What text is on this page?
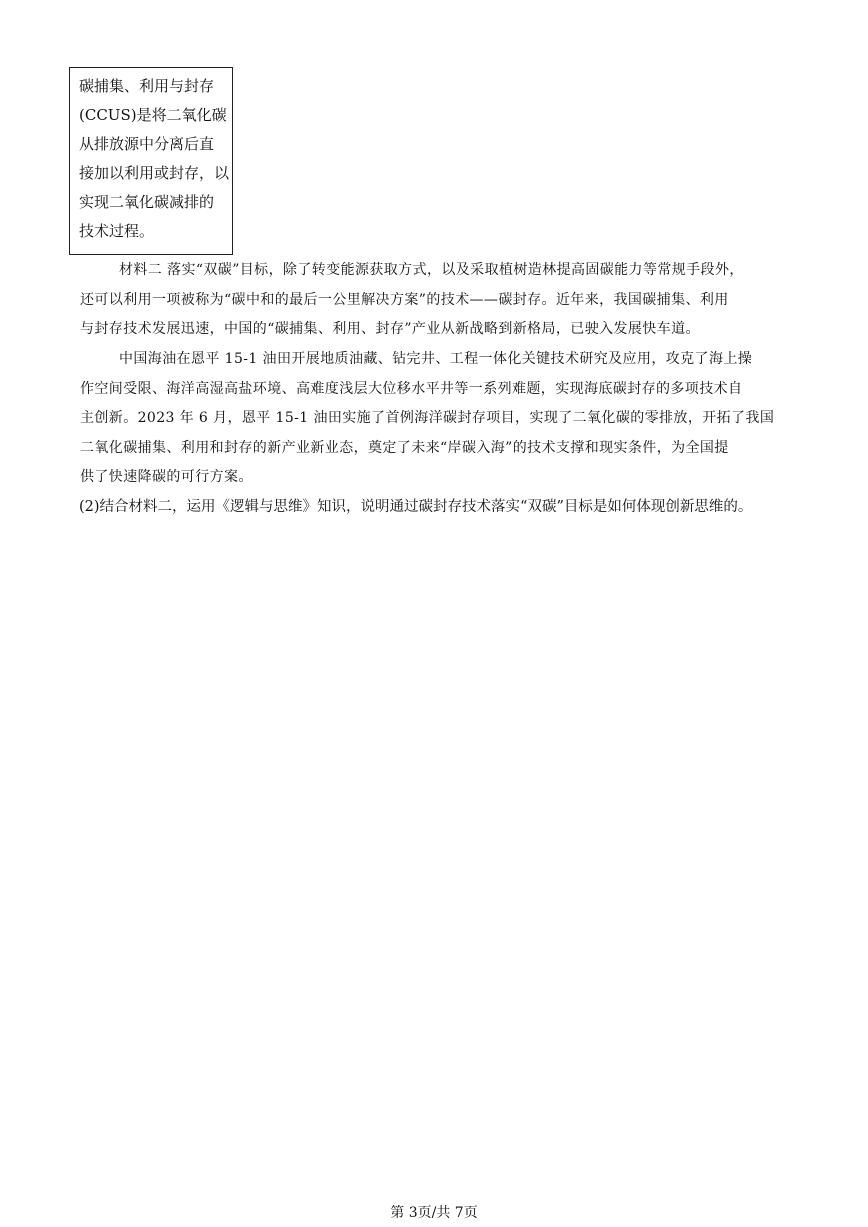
碳捕集、利用与封存
(CCUS)是将二氧化碳
从排放源中分离后直
接加以利用或封存，以
实现二氧化碳减排的
技术过程。
材料二 落实“双碳”目标，除了转变能源获取方式，以及采取植树造林提高固碳能力等常规手段外，
还可以利用一项被称为“碳中和的最后一公里解决方案”的技术——碳封存。近年来，我国碳捕集、利用
与封存技术发展迅速，中国的“碳捕集、利用、封存”产业从新战略到新格局，已驶入发展快车道。
中国海油在恩平 15-1 油田开展地质油藏、钻完井、工程一体化关键技术研究及应用，攻克了海上操
作空间受限、海洋高湿高盐环境、高难度浅层大位移水平井等一系列难题，实现海底碳封存的多项技术自
主创新。2023 年 6 月，恩平 15-1 油田实施了首例海洋碳封存项目，实现了二氧化碳的零排放，开拓了我国
二氧化碳捕集、利用和封存的新产业新业态，奠定了未来“岸碳入海”的技术支撑和现实条件，为全国提
供了快速降碳的可行方案。
(2)结合材料二，运用《逻辑与思维》知识，说明通过碳封存技术落实“双碳”目标是如何体现创新思维的。
第 3页/共 7页
